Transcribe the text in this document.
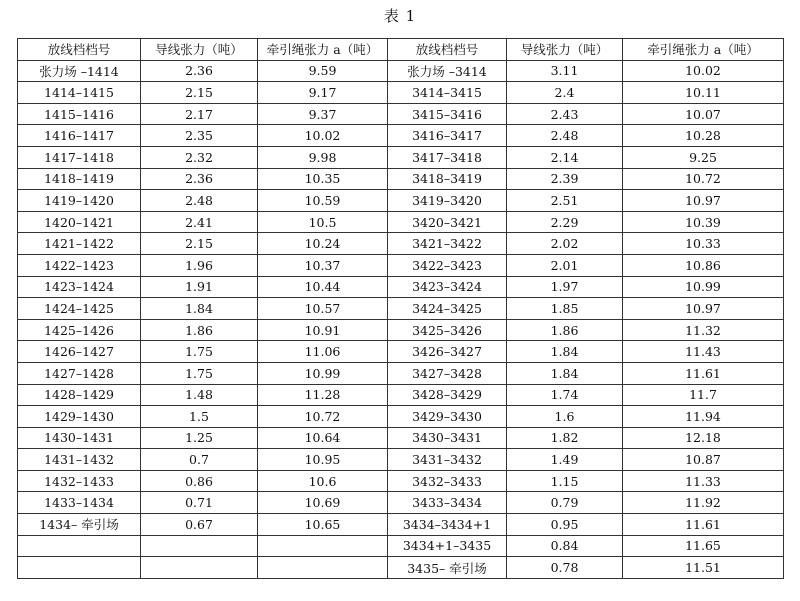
表 1
放线档档号	导线张力（吨）	牵引绳张力 a（吨）	放线档档号	导线张力（吨）	牵引绳张力 a（吨）
张力场 –1414	2.36	9.59	张力场 –3414	3.11	10.02
1414–1415	2.15	9.17	3414–3415	2.4	10.11
1415–1416	2.17	9.37	3415–3416	2.43	10.07
1416–1417	2.35	10.02	3416–3417	2.48	10.28
1417–1418	2.32	9.98	3417–3418	2.14	9.25
1418–1419	2.36	10.35	3418–3419	2.39	10.72
1419–1420	2.48	10.59	3419–3420	2.51	10.97
1420–1421	2.41	10.5	3420–3421	2.29	10.39
1421–1422	2.15	10.24	3421–3422	2.02	10.33
1422–1423	1.96	10.37	3422–3423	2.01	10.86
1423–1424	1.91	10.44	3423–3424	1.97	10.99
1424–1425	1.84	10.57	3424–3425	1.85	10.97
1425–1426	1.86	10.91	3425–3426	1.86	11.32
1426–1427	1.75	11.06	3426–3427	1.84	11.43
1427–1428	1.75	10.99	3427–3428	1.84	11.61
1428–1429	1.48	11.28	3428–3429	1.74	11.7
1429–1430	1.5	10.72	3429–3430	1.6	11.94
1430–1431	1.25	10.64	3430–3431	1.82	12.18
1431–1432	0.7	10.95	3431–3432	1.49	10.87
1432–1433	0.86	10.6	3432–3433	1.15	11.33
1433–1434	0.71	10.69	3433–3434	0.79	11.92
1434– 牵引场	0.67	10.65	3434–3434+1	0.95	11.61
			3434+1–3435	0.84	11.65
			3435– 牵引场	0.78	11.51
